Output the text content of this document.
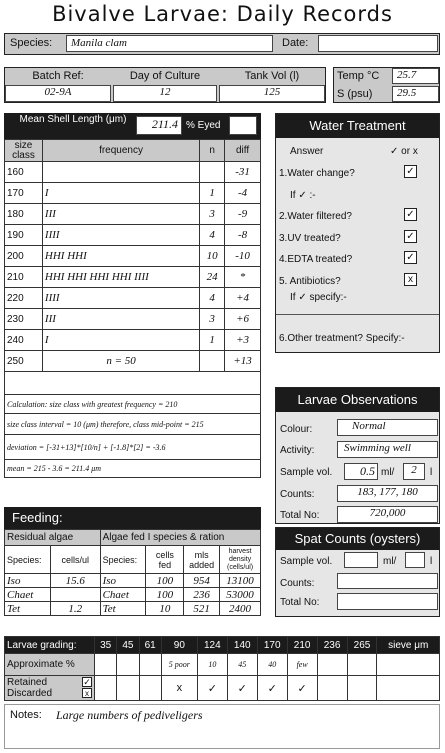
Bivalve Larvae: Daily Records
Species:	Manila clam	Date:
Batch Ref:	Day of Culture	Tank Vol (l)
02-9A	12	125
Temp °C	25.7
S (psu)	29.5
Mean Shell Length (μm)	211.4 % Eyed
size class	frequency	n	diff
160			-31
170	I	1	-4
180	III	3	-9
190	IIII	4	-8
200	HHI HHI	10	-10
210	HHI HHI HHI HHI IIII	24	*
220	IIII	4	+4
230	III	3	+6
240	I	1	+3
250	n = 50		+13

Calculation: size class with greatest frequency = 210			
size class interval = 10 (μm) therefore, class mid-point = 215			
deviation = [-31+13]*[10/n] + [-1.8]*[2] = -3.6			
mean = 215 - 3.6 = 211.4 μm			
Water Treatment
Answer	✓ or x
1.Water change?	✓
If ✓ :-
2.Water filtered?	✓
3.UV treated?	✓
4.EDTA treated?	✓
5. Antibiotics?	x
If ✓ specify:-
6.Other treatment? Specify:-
Larvae Observations
Colour:	Normal
Activity:	Swimming well
Sample vol.	0.5 ml/	2	l
Counts:	183, 177, 180
Total No:	720,000
Spat Counts (oysters)
Sample vol.	ml/	l
Counts:
Total No:
Feeding:
Residual algae		Algae fed I species & ration			
Species:	cells/ul	Species:	cells fed	mls added	harvest density (cells/ul)
Iso	15.6	Iso	100	954	13100
Chaet		Chaet	100	236	53000
Tet	1.2	Tet	10	521	2400
Larvae grading:	35	45	61	90	124	140	170	210	236	265	sieve μm
Approximate %				5 poor	10	45	40	few			
Retained ✓

Discarded x				x	✓	✓	✓	✓			
Notes: Large numbers of pediveligers
